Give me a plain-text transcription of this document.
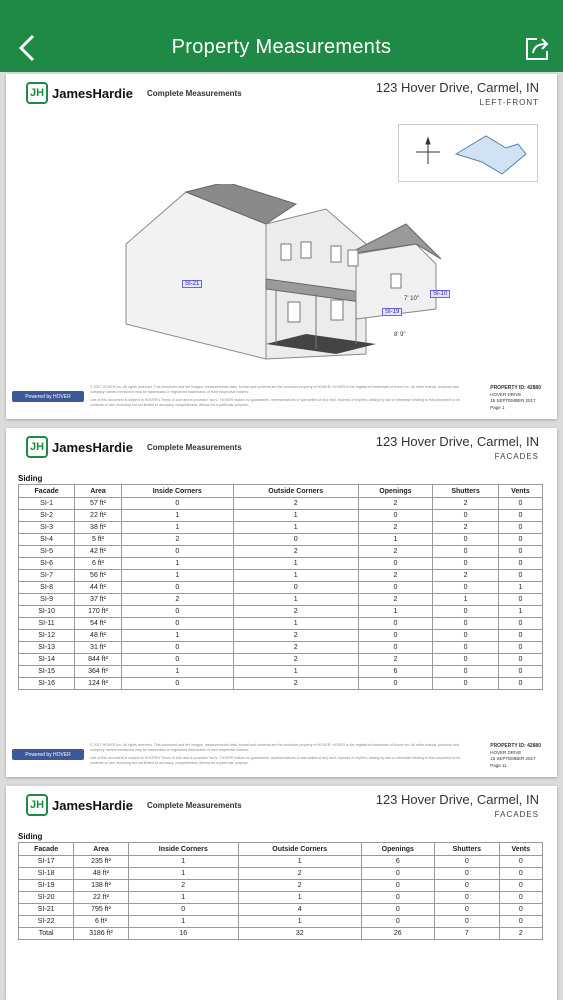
Property Measurements
JH JamesHardie Complete Measurements	123 Hover Drive, Carmel, IN
LEFT-FRONT
SI-21
SI-19
SI-10
7' 10"
8' 9"
Powered by HOVER
© 2017 HOVER Inc. All rights reserved. This document and the images, measurements data, format and contents are the exclusive property of HOVER. HOVER is the registered trademark of Hover Inc. All other brands, products and company names mentioned may be trademarks or registered trademarks of their respective holders.
Use of this document is subject to HOVER's Terms of Use and is provided "as is." HOVER makes no guarantees, representations or warranties of any kind, express or implied, arising by law or otherwise relating to this document or its contents or use, including but not limited to accuracy, completeness, fitness for a particular purpose.
PROPERTY ID: 42880
HOVER DRIVE
15 SEPTEMBER 2017
Page 1
JH JamesHardie Complete Measurements	123 Hover Drive, Carmel, IN
FACADES
Siding
Facade	Area	Inside Corners	Outside Corners	Openings	Shutters	Vents
SI-1	57 ft²	0	2	2	2	0
SI-2	22 ft²	1	1	0	0	0
SI-3	38 ft²	1	1	2	2	0
SI-4	5 ft²	2	0	1	0	0
SI-5	42 ft²	0	2	2	0	0
SI-6	6 ft²	1	1	0	0	0
SI-7	56 ft²	1	1	2	2	0
SI-8	44 ft²	0	0	0	0	1
SI-9	37 ft²	2	1	2	1	0
SI-10	170 ft²	0	2	1	0	1
SI-11	54 ft²	0	1	0	0	0
SI-12	48 ft²	1	2	0	0	0
SI-13	31 ft²	0	2	0	0	0
SI-14	844 ft²	0	2	2	0	0
SI-15	364 ft²	1	1	6	0	0
SI-16	124 ft²	0	2	0	0	0
Powered by HOVER
© 2017 HOVER Inc. All rights reserved. This document and the images, measurements data, format and contents are the exclusive property of HOVER. HOVER is the registered trademark of Hover Inc. All other brands, products and company names mentioned may be trademarks or registered trademarks of their respective holders.
Use of this document is subject to HOVER's Terms of Use and is provided "as is." HOVER makes no guarantees, representations or warranties of any kind, express or implied, arising by law or otherwise relating to this document or its contents or use, including but not limited to accuracy, completeness, fitness for a particular purpose.
PROPERTY ID: 42880
HOVER DRIVE
15 SEPTEMBER 2017
Page 11
JH JamesHardie Complete Measurements	123 Hover Drive, Carmel, IN
FACADES
Siding
Facade	Area	Inside Corners	Outside Corners	Openings	Shutters	Vents
SI-17	235 ft²	1	1	6	0	0
SI-18	48 ft²	1	2	0	0	0
SI-19	138 ft²	2	2	0	0	0
SI-20	22 ft²	1	1	0	0	0
SI-21	795 ft²	0	4	0	0	0
SI-22	6 ft²	1	1	0	0	0
Total	3186 ft²	16	32	26	7	2
